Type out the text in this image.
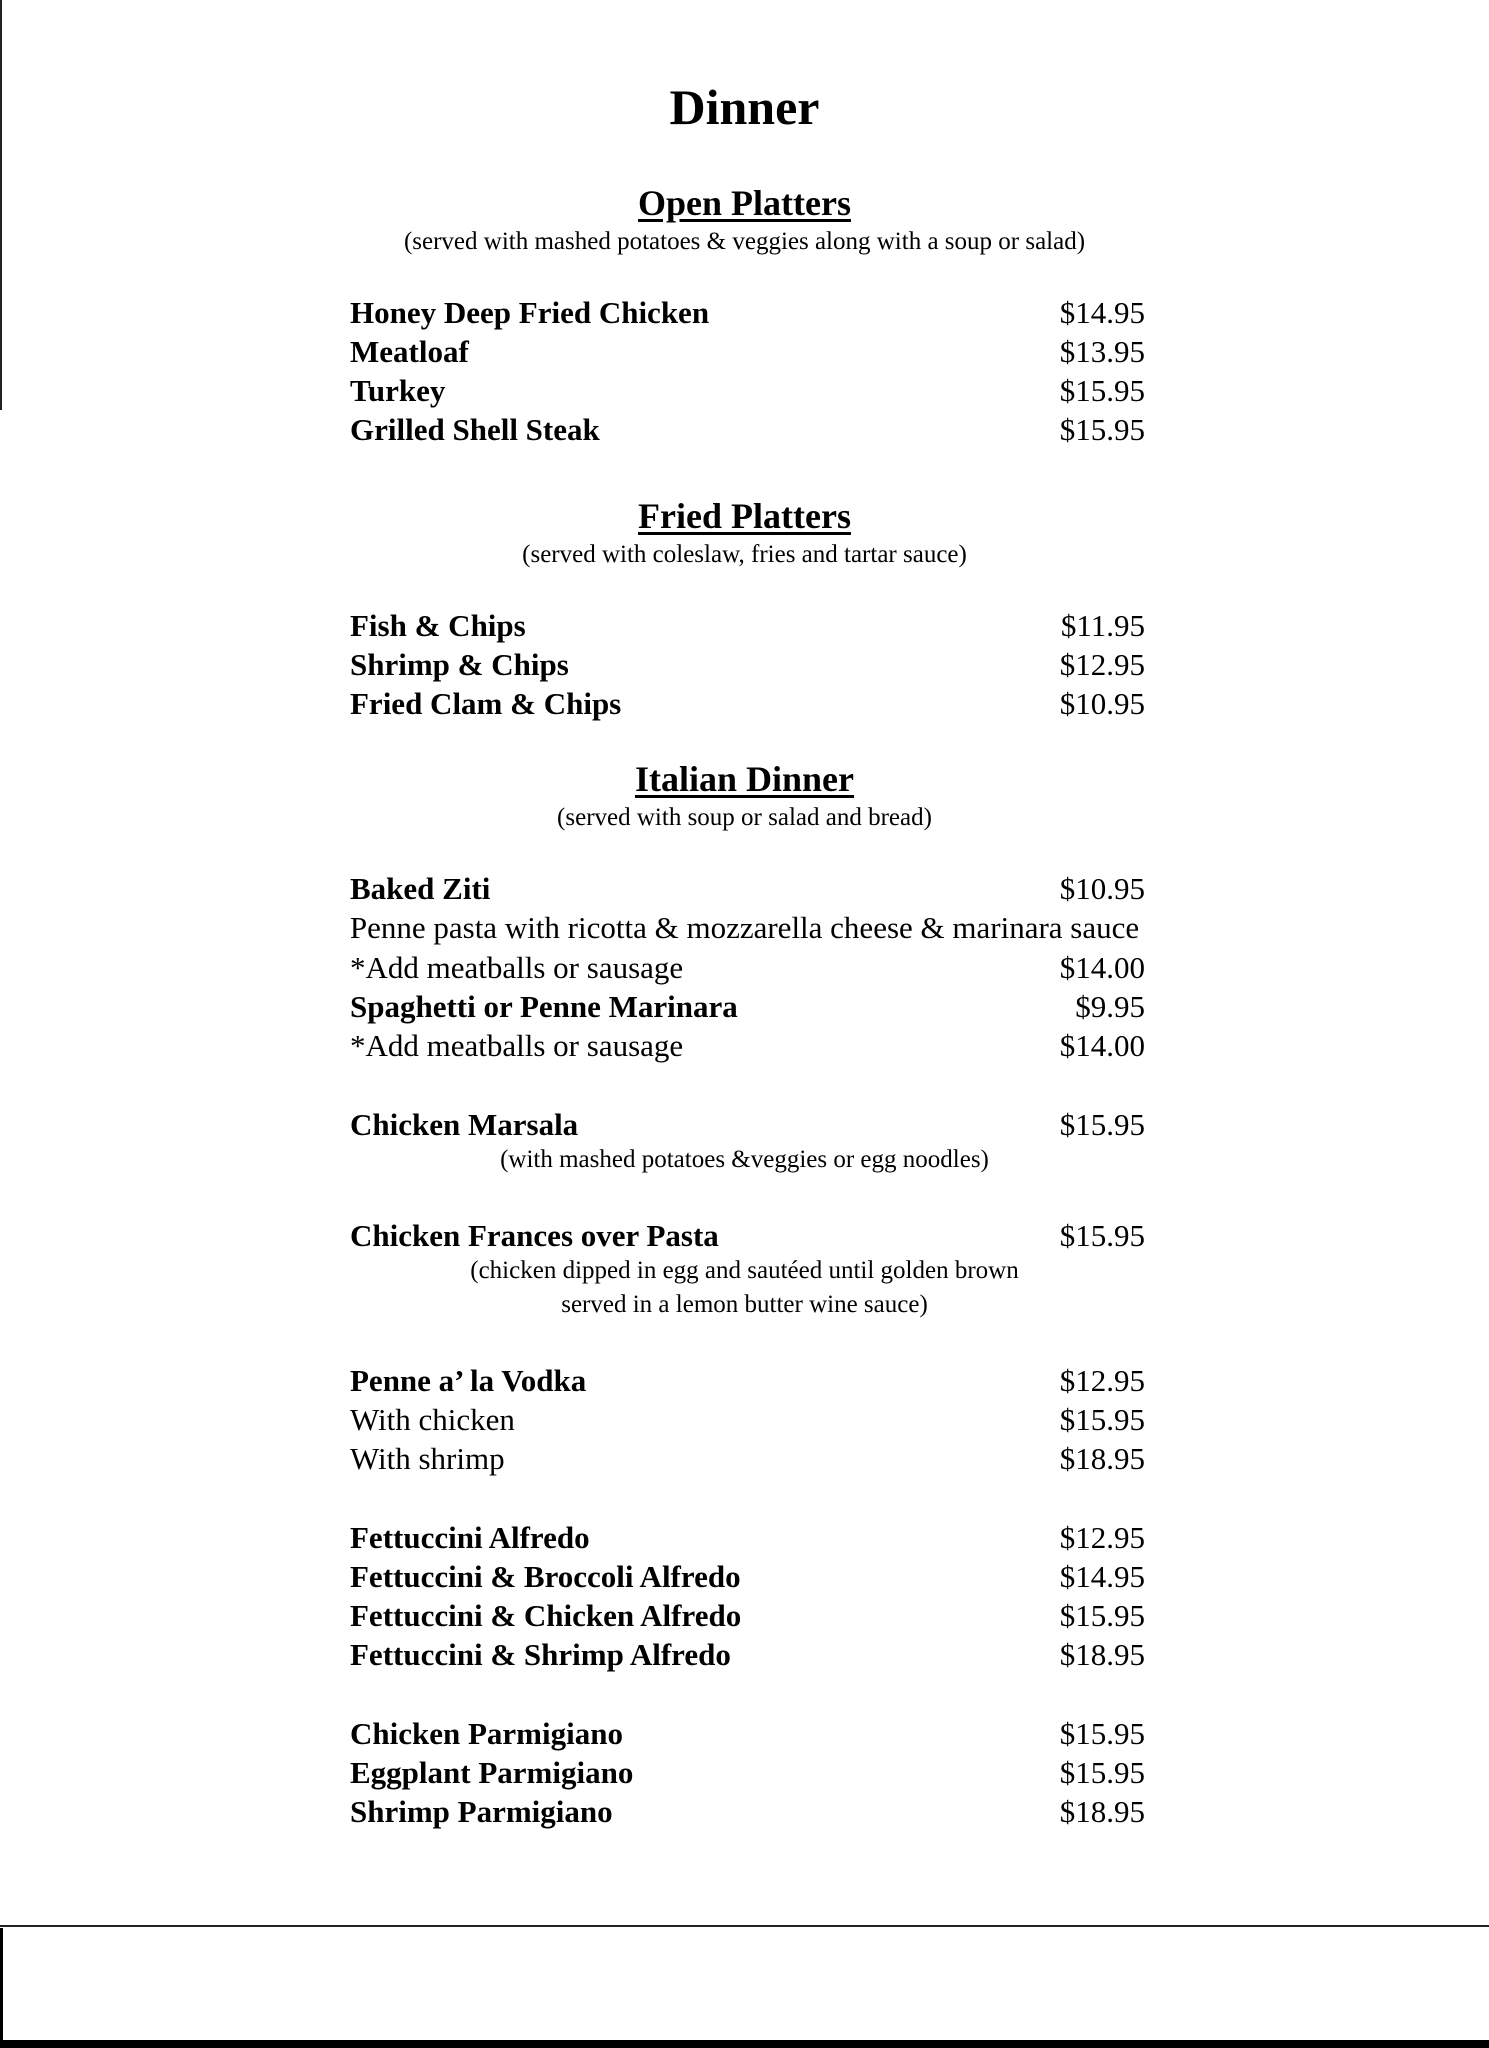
Dinner
Open Platters
(served with mashed potatoes & veggies along with a soup or salad)
Honey Deep Fried Chicken	$14.95
Meatloaf	$13.95
Turkey	$15.95
Grilled Shell Steak	$15.95
Fried Platters
(served with coleslaw, fries and tartar sauce)
Fish & Chips	$11.95
Shrimp & Chips	$12.95
Fried Clam & Chips	$10.95
Italian Dinner
(served with soup or salad and bread)
Baked Ziti	$10.95
Penne pasta with ricotta & mozzarella cheese & marinara sauce
*Add meatballs or sausage	$14.00
Spaghetti or Penne Marinara	$9.95
*Add meatballs or sausage	$14.00
Chicken Marsala	$15.95
(with mashed potatoes &veggies or egg noodles)
Chicken Frances over Pasta	$15.95
(chicken dipped in egg and sautéed until golden brown
served in a lemon butter wine sauce)
Penne a’ la Vodka	$12.95
With chicken	$15.95
With shrimp	$18.95
Fettuccini Alfredo	$12.95
Fettuccini & Broccoli Alfredo	$14.95
Fettuccini & Chicken Alfredo	$15.95
Fettuccini & Shrimp Alfredo	$18.95
Chicken Parmigiano	$15.95
Eggplant Parmigiano	$15.95
Shrimp Parmigiano	$18.95
